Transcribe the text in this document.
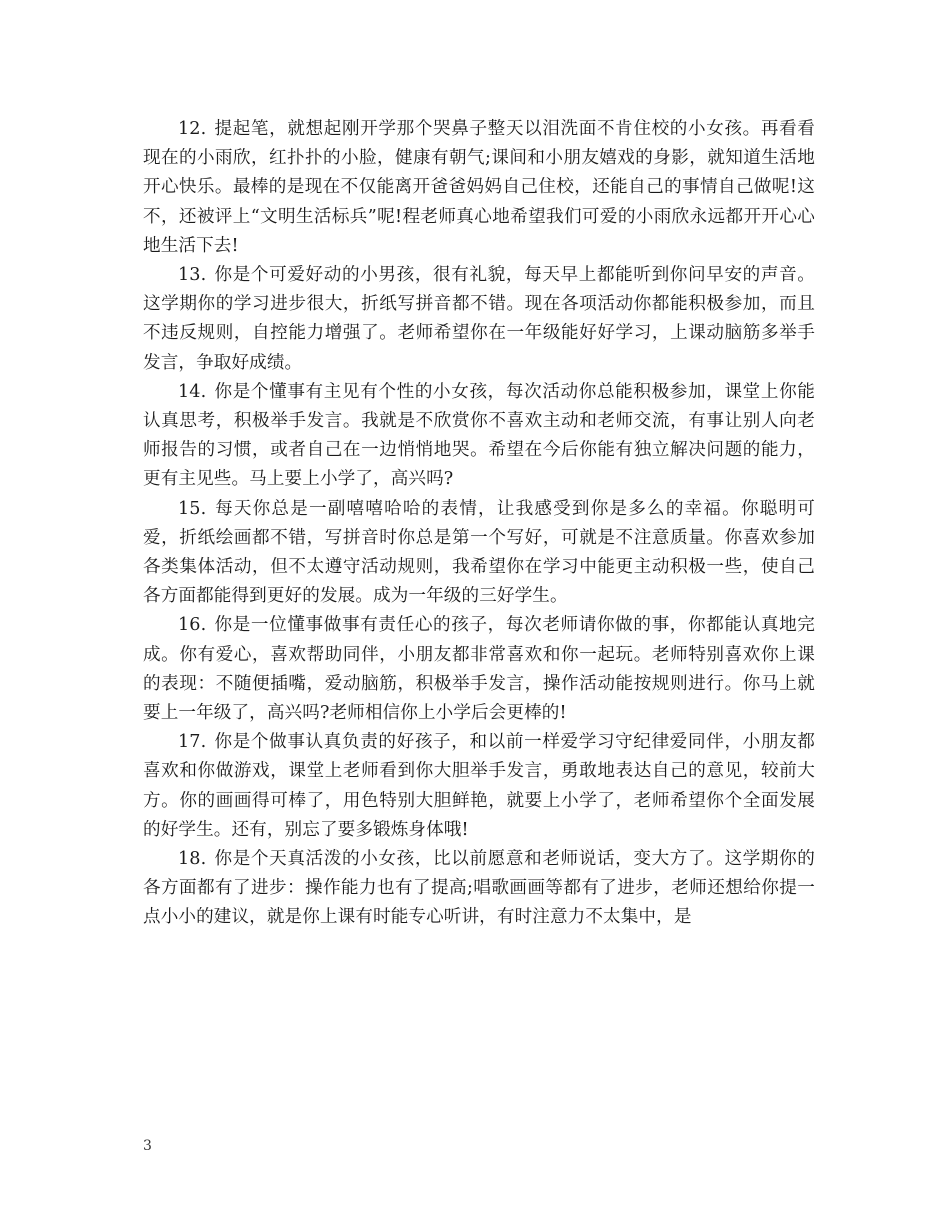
12. 提起笔，就想起刚开学那个哭鼻子整天以泪洗面不肯住校的小女孩。再看看现在的小雨欣，红扑扑的小脸，健康有朝气;课间和小朋友嬉戏的身影，就知道生活地开心快乐。最棒的是现在不仅能离开爸爸妈妈自己住校，还能自己的事情自己做呢!这不，还被评上“文明生活标兵”呢!程老师真心地希望我们可爱的小雨欣永远都开开心心地生活下去!

13. 你是个可爱好动的小男孩，很有礼貌，每天早上都能听到你问早安的声音。这学期你的学习进步很大，折纸写拼音都不错。现在各项活动你都能积极参加，而且不违反规则，自控能力增强了。老师希望你在一年级能好好学习，上课动脑筋多举手发言，争取好成绩。

14. 你是个懂事有主见有个性的小女孩，每次活动你总能积极参加，课堂上你能认真思考，积极举手发言。我就是不欣赏你不喜欢主动和老师交流，有事让别人向老师报告的习惯，或者自己在一边悄悄地哭。希望在今后你能有独立解决问题的能力，更有主见些。马上要上小学了，高兴吗?

15. 每天你总是一副嘻嘻哈哈的表情，让我感受到你是多么的幸福。你聪明可爱，折纸绘画都不错，写拼音时你总是第一个写好，可就是不注意质量。你喜欢参加各类集体活动，但不太遵守活动规则，我希望你在学习中能更主动积极一些，使自己各方面都能得到更好的发展。成为一年级的三好学生。

16. 你是一位懂事做事有责任心的孩子，每次老师请你做的事，你都能认真地完成。你有爱心，喜欢帮助同伴，小朋友都非常喜欢和你一起玩。老师特别喜欢你上课的表现：不随便插嘴，爱动脑筋，积极举手发言，操作活动能按规则进行。你马上就要上一年级了，高兴吗?老师相信你上小学后会更棒的!

17. 你是个做事认真负责的好孩子，和以前一样爱学习守纪律爱同伴，小朋友都喜欢和你做游戏，课堂上老师看到你大胆举手发言，勇敢地表达自己的意见，较前大方。你的画画得可棒了，用色特别大胆鲜艳，就要上小学了，老师希望你个全面发展的好学生。还有，别忘了要多锻炼身体哦!

18. 你是个天真活泼的小女孩，比以前愿意和老师说话，变大方了。这学期你的各方面都有了进步：操作能力也有了提高;唱歌画画等都有了进步，老师还想给你提一点小小的建议，就是你上课有时能专心听讲，有时注意力不太集中，是

3
